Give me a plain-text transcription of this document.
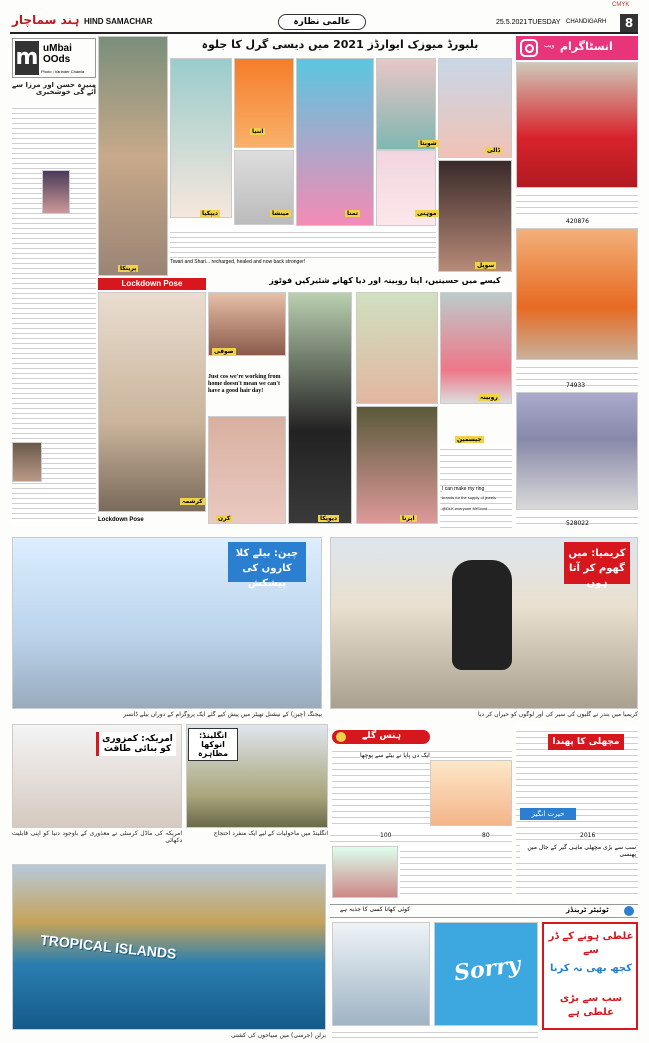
CMYK
ہند سماچار HIND SAMACHAR	عالمی نظارہ	25.5.2021 TUESDAY CHANDIGARH	8
m uMbai OOds
Photo : Varinder Chawla
منیزہ حسن اور مرزا سے آئے گی خوشخبری
بلبورڈ میوزک ایوارڈز 2021 میں دیسی گرل کا جلوہ
پرینکا
اننیا
شویتا
ڈالی
دیپکیا	مینشا	تمنا	موہنی
سوپل
Tiwari and Shari... recharged, healed and now back stronger!
انسٹاگرام
ویب
420876
74933
528022
Lockdown Pose	کیسے میں حسینیں، اپنا روبینہ اور دیا کھانے شئیرکیں فوٹوز
کرشمہ
صوفی
Just cos we're working from home doesn't mean we can't have a good hair day!
دیویکا	اپرنا
روبینہ
جیسمین
کرن
I can make my ring
brands for the supply of jewels
@DLK.everyone MrScool
Lockdown Pose
چین: بیلے کلا کاروں کی پیشکش
بیجنگ (چین) کے نیشنل تھیٹر میں پیش کیے گئے ایک پروگرام کے دوران بیلے ڈانسر
کریمیا: میں گھوم کر آتا ہوں
کریمیا میں بندر نے گلیوں کی سیر کی اور لوگوں کو حیران کر دیا
امریکہ: کمزوری کو بنائی طاقت
امریکہ کی ماڈل کرسٹی نے معذوری کے باوجود دنیا کو اپنی قابلیت دکھائی
انگلینڈ: انوکھا مظاہرہ
انگلینڈ میں ماحولیات کے لیے ایک منفرد احتجاج
ہنس گلے
ایک دن پاپا نے بیٹے سے پوچھا
100	80
مچھلی کا پھندا
حیرت انگیز
2016
سب سے بڑی مچھلی ماہی گیر کے جال میں پھنسی
TROPICAL ISLANDS
برلن (جرمنی) میں سیاحوں کی کشتی
ٹوئیٹر ٹرینڈز
کوئی کھانا کسی کا جذبہ ہے
Sorry
غلطی ہونے کے ڈر سے
کچھ بھی نہ کرنا
سب سے بڑی غلطی ہے
